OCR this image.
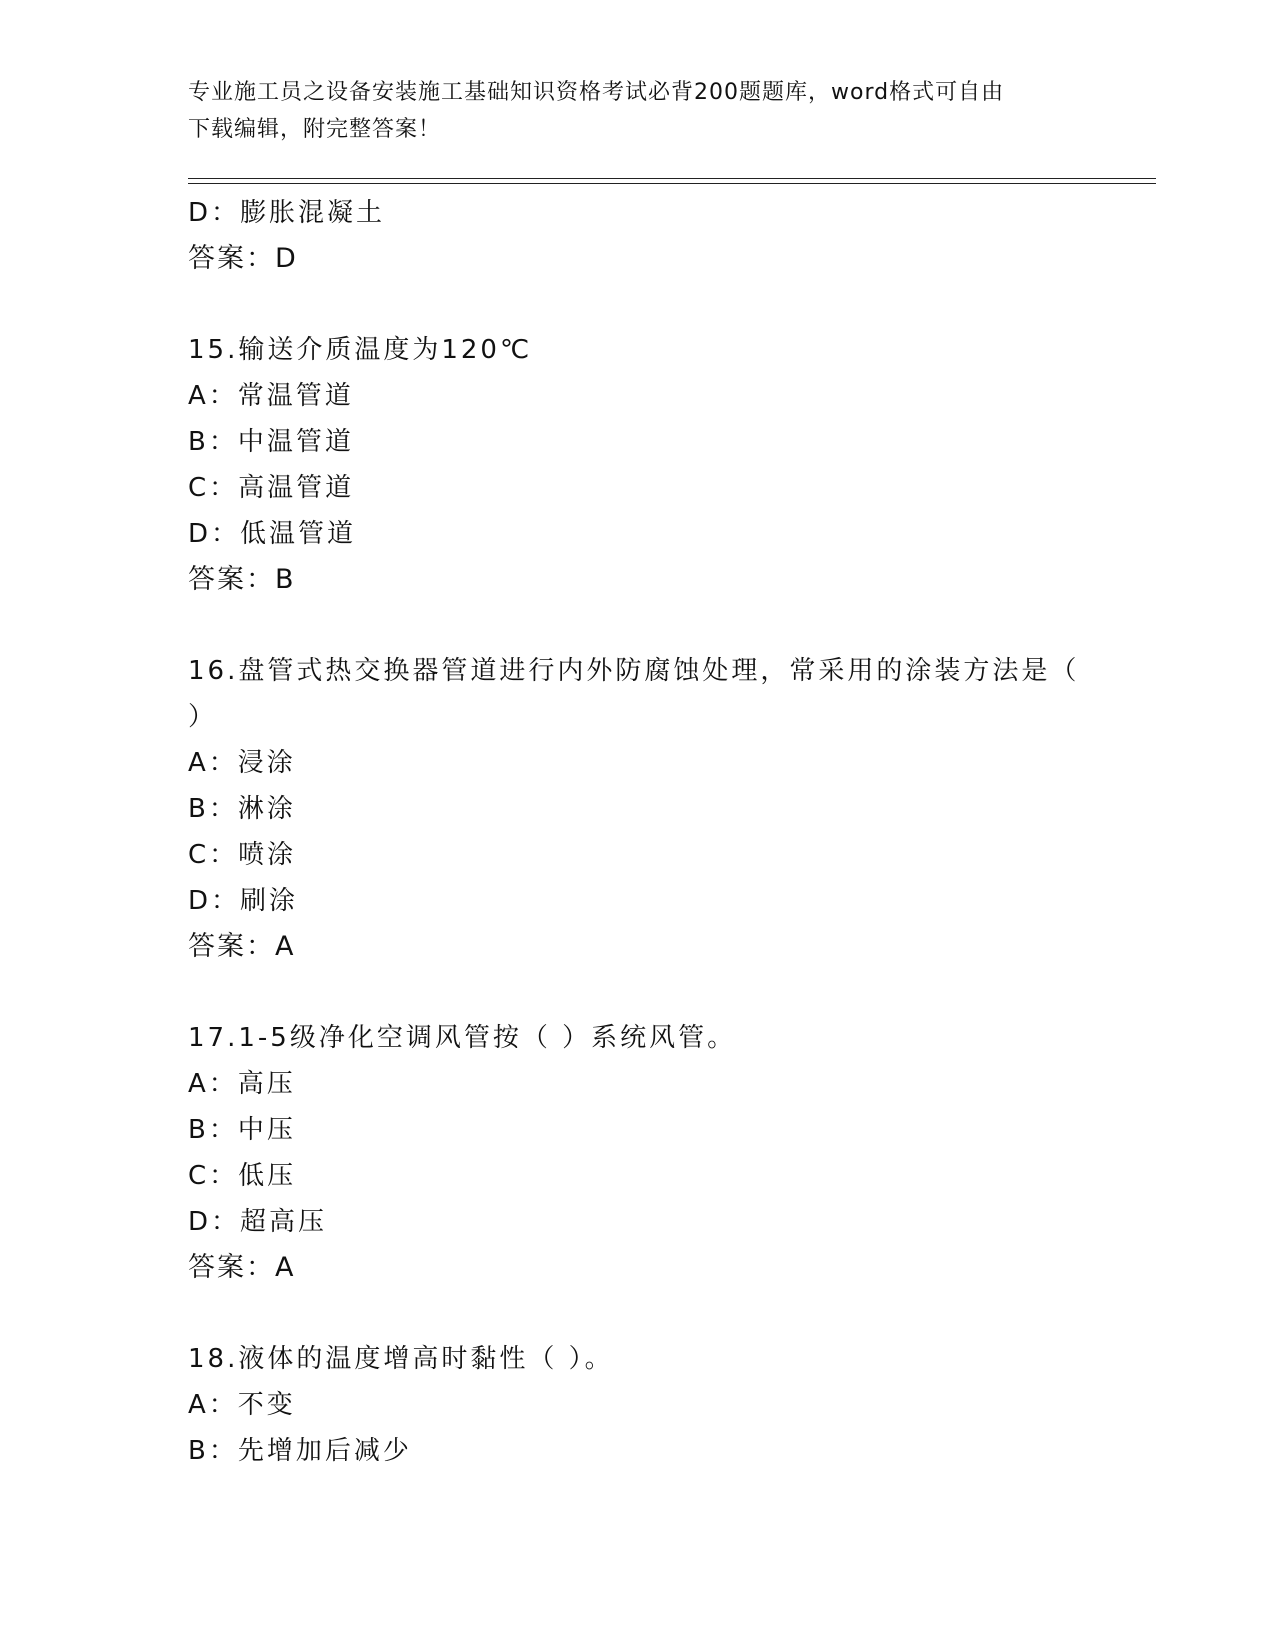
专业施工员之设备安装施工基础知识资格考试必背200题题库，word格式可自由
下载编辑，附完整答案！
D：膨胀混凝土
答案：D
15.输送介质温度为120℃
A：常温管道
B：中温管道
C：高温管道
D：低温管道
答案：B
16.盘管式热交换器管道进行内外防腐蚀处理，常采用的涂装方法是（
）
A：浸涂
B：淋涂
C：喷涂
D：刷涂
答案：A
17.1-5级净化空调风管按（ ）系统风管。
A：高压
B：中压
C：低压
D：超高压
答案：A
18.液体的温度增高时黏性（ ）。
A：不变
B：先增加后减少
